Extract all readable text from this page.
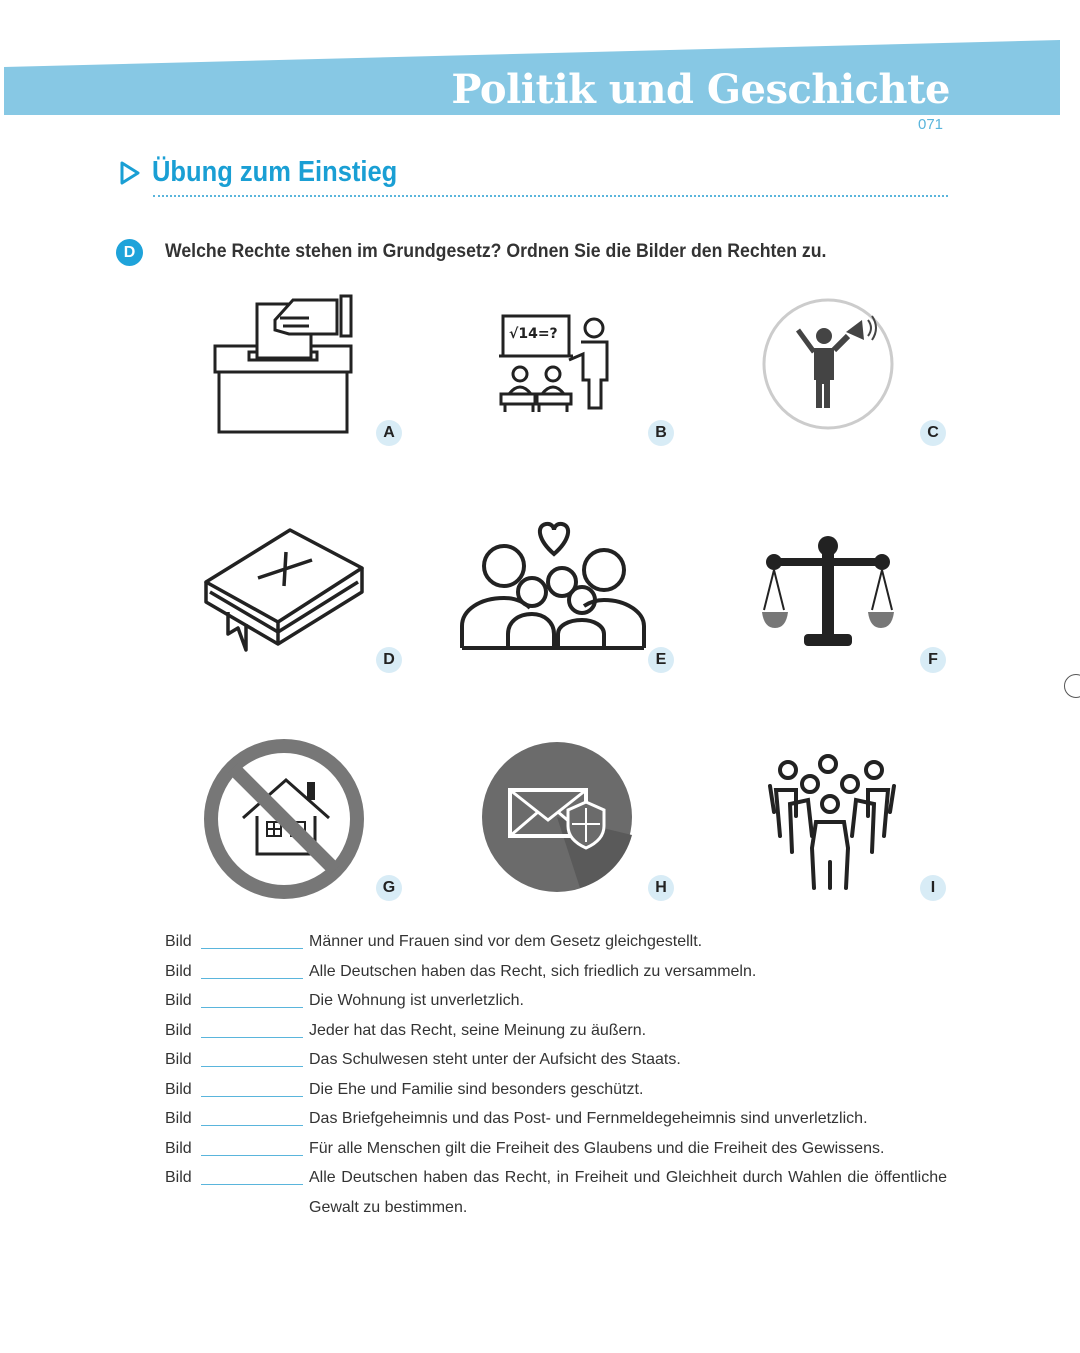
Politik und Geschichte
071
Übung zum Einstieg
D	Welche Rechte stehen im Grundgesetz? Ordnen Sie die Bilder den Rechten zu.
A
√14=?
B	C
D	E	F
G	H	I
Bild	Männer und Frauen sind vor dem Gesetz gleichgestellt.
Bild	Alle Deutschen haben das Recht, sich friedlich zu versammeln.
Bild	Die Wohnung ist unverletzlich.
Bild	Jeder hat das Recht, seine Meinung zu äußern.
Bild	Das Schulwesen steht unter der Aufsicht des Staats.
Bild	Die Ehe und Familie sind besonders geschützt.
Bild	Das Briefgeheimnis und das Post- und Fernmeldegeheimnis sind unverletzlich.
Bild	Für alle Menschen gilt die Freiheit des Glaubens und die Freiheit des Gewissens.
Bild	Alle Deutschen haben das Recht, in Freiheit und Gleichheit durch Wahlen die öffentliche Gewalt zu bestimmen.
